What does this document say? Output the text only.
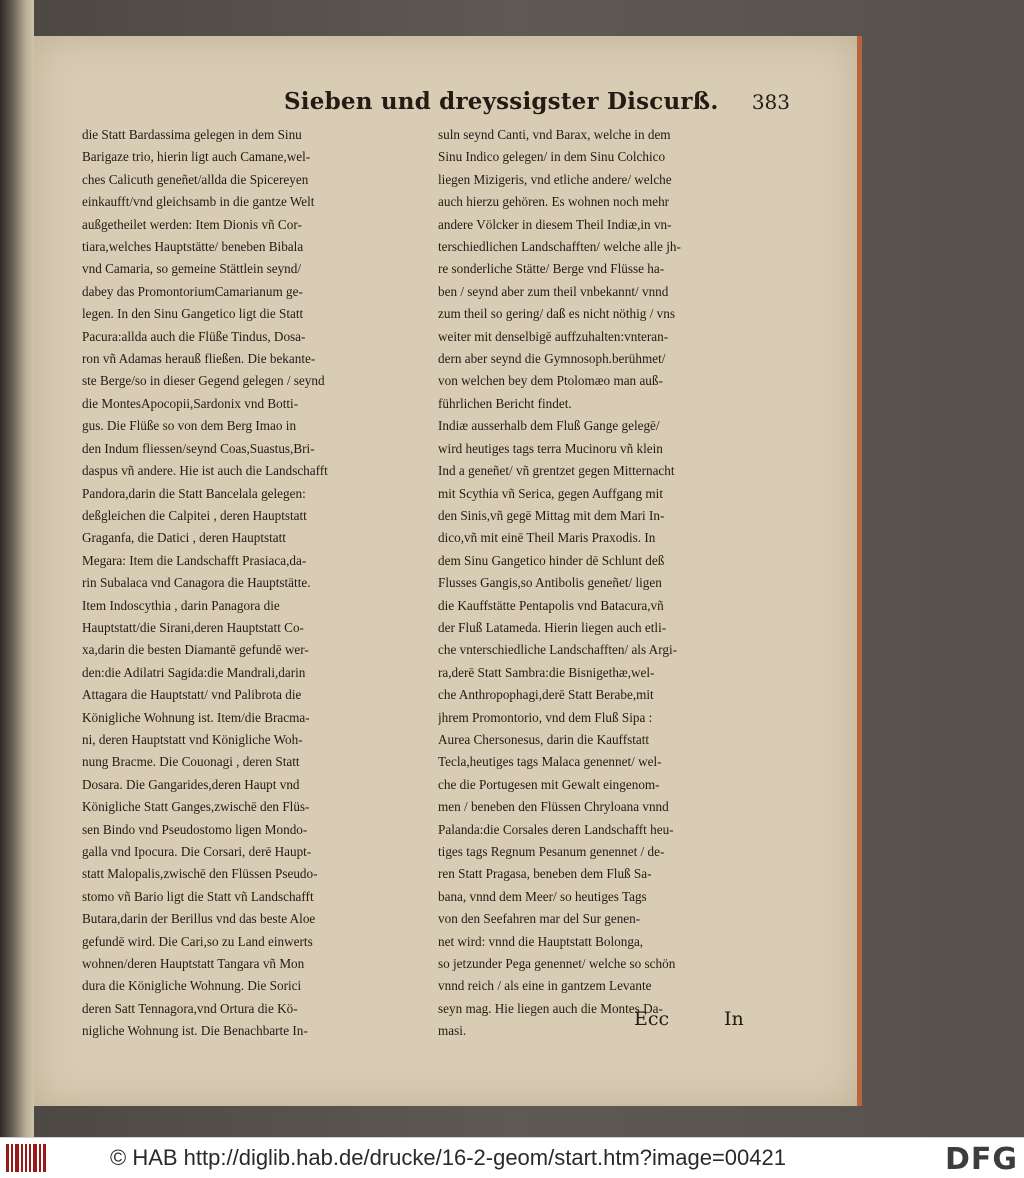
Sieben und dreyssigster Discurß. 383
die Statt Bardassima gelegen in dem Sinu
Barigaze trio, hierin ligt auch Camane,wel-
ches Calicuth geneñet/allda die Spicereyen
einkaufft/vnd gleichsamb in die gantze Welt
außgetheilet werden: Item Dionis vñ Cor-
tiara,welches Hauptstätte/ beneben Bibala
vnd Camaria, so gemeine Stättlein seynd/
dabey das PromontoriumCamarianum ge-
legen. In den Sinu Gangetico ligt die Statt
Pacura:allda auch die Flüße Tindus, Dosa-
ron vñ Adamas herauß fließen. Die bekante-
ste Berge/so in dieser Gegend gelegen / seynd
die MontesApocopii,Sardonix vnd Botti-
gus. Die Flüße so von dem Berg Imao in
den Indum fliessen/seynd Coas,Suastus,Bri-
daspus vñ andere. Hie ist auch die Landschafft
Pandora,darin die Statt Bancelala gelegen:
deßgleichen die Calpitei , deren Hauptstatt
Graganfa, die Datici , deren Hauptstatt
Megara: Item die Landschafft Prasiaca,da-
rin Subalaca vnd Canagora die Hauptstätte.
Item Indoscythia , darin Panagora die
Hauptstatt/die Sirani,deren Hauptstatt Co-
xa,darin die besten Diamantē gefundē wer-
den:die Adilatri Sagida:die Mandrali,darin
Attagara die Hauptstatt/ vnd Palibrota die
Königliche Wohnung ist. Item/die Bracma-
ni, deren Hauptstatt vnd Königliche Woh-
nung Bracme. Die Couonagi , deren Statt
Dosara. Die Gangarides,deren Haupt vnd
Königliche Statt Ganges,zwischē den Flüs-
sen Bindo vnd Pseudostomo ligen Mondo-
galla vnd Ipocura. Die Corsari, derē Haupt-
statt Malopalis,zwischē den Flüssen Pseudo-
stomo vñ Bario ligt die Statt vñ Landschafft
Butara,darin der Berillus vnd das beste Aloe
gefundē wird. Die Cari,so zu Land einwerts
wohnen/deren Hauptstatt Tangara vñ Mon
dura die Königliche Wohnung. Die Sorici
deren Satt Tennagora,vnd Ortura die Kö-
nigliche Wohnung ist. Die Benachbarte In-
suln seynd Canti, vnd Barax, welche in dem
Sinu Indico gelegen/ in dem Sinu Colchico
liegen Mizigeris, vnd etliche andere/ welche
auch hierzu gehören. Es wohnen noch mehr
andere Völcker in diesem Theil Indiæ,in vn-
terschiedlichen Landschafften/ welche alle jh-
re sonderliche Stätte/ Berge vnd Flüsse ha-
ben / seynd aber zum theil vnbekannt/ vnnd
zum theil so gering/ daß es nicht nöthig / vns
weiter mit denselbigē auffzuhalten:vnteran-
dern aber seynd die Gymnosoph.berühmet/
von welchen bey dem Ptolomæo man auß-
führlichen Bericht findet.
Indiæ ausserhalb dem Fluß Gange gelegē/
wird heutiges tags terra Mucinoru vñ klein
Ind a geneñet/ vñ grentzet gegen Mitternacht
mit Scythia vñ Serica, gegen Auffgang mit
den Sinis,vñ gegē Mittag mit dem Mari In-
dico,vñ mit einē Theil Maris Praxodis. In
dem Sinu Gangetico hinder dē Schlunt deß
Flusses Gangis,so Antibolis geneñet/ ligen
die Kauffstätte Pentapolis vnd Batacura,vñ
der Fluß Latameda. Hierin liegen auch etli-
che vnterschiedliche Landschafften/ als Argi-
ra,derē Statt Sambra:die Bisnigethæ,wel-
che Anthropophagi,derē Statt Berabe,mit
jhrem Promontorio, vnd dem Fluß Sipa :
Aurea Chersonesus, darin die Kauffstatt
Tecla,heutiges tags Malaca genennet/ wel-
che die Portugesen mit Gewalt eingenom-
men / beneben den Flüssen Chryloana vnnd
Palanda:die Corsales deren Landschafft heu-
tiges tags Regnum Pesanum genennet / de-
ren Statt Pragasa, beneben dem Fluß Sa-
bana, vnnd dem Meer/ so heutiges Tags
von den Seefahren mar del Sur genen-
net wird: vnnd die Hauptstatt Bolonga,
so jetzunder Pega genennet/ welche so schön
vnnd reich / als eine in gantzem Levante
seyn mag. Hie liegen auch die Montes Da-
masi.
Ecc	In
© HAB http://diglib.hab.de/drucke/16-2-geom/start.htm?image=00421	DFG
